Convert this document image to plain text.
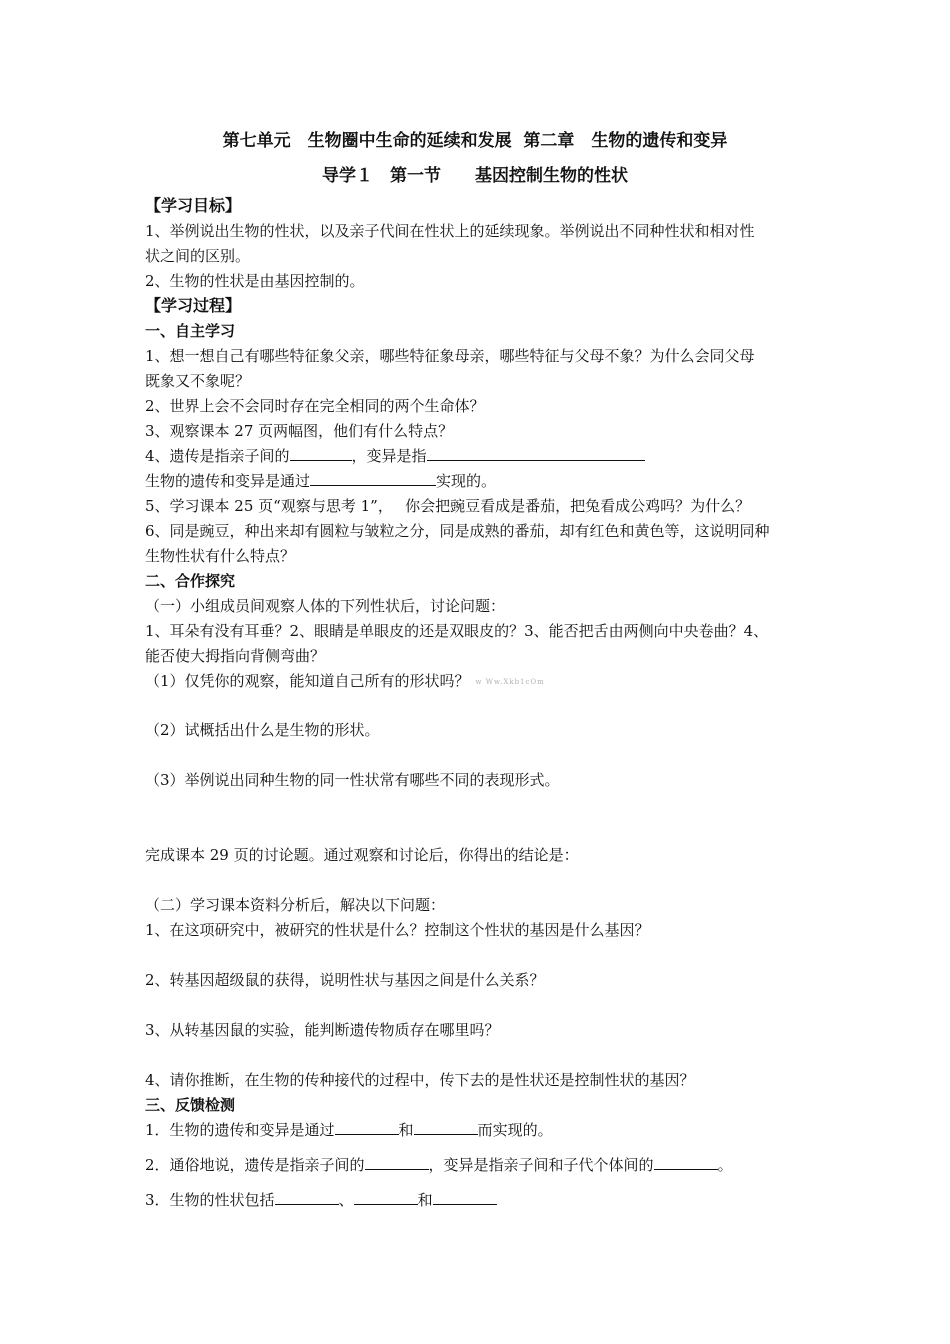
第七单元　生物圈中生命的延续和发展  第二章　生物的遗传和变异
导学１　第一节　　基因控制生物的性状
【学习目标】
1、举例说出生物的性状，以及亲子代间在性状上的延续现象。举例说出不同种性状和相对性
状之间的区别。
2、生物的性状是由基因控制的。
【学习过程】
一、自主学习
1、想一想自己有哪些特征象父亲，哪些特征象母亲，哪些特征与父母不象？为什么会同父母
既象又不象呢？
2、世界上会不会同时存在完全相同的两个生命体？
3、观察课本 27 页两幅图，他们有什么特点？
4、遗传是指亲子间的	，变异是指
生物的遗传和变异是通过	实现的。
5、学习课本 25 页“观察与思考 1”，　 你会把豌豆看成是番茄，把兔看成公鸡吗？为什么？
6、同是豌豆，种出来却有圆粒与皱粒之分，同是成熟的番茄，却有红色和黄色等，这说明同种
生物性状有什么特点？
二、合作探究
（一）小组成员间观察人体的下列性状后，讨论问题：
1、耳朵有没有耳垂？2、眼睛是单眼皮的还是双眼皮的？3、能否把舌由两侧向中央卷曲？4、
能否使大拇指向背侧弯曲？
（1）仅凭你的观察，能知道自己所有的形状吗？ w Ww.Xkb1cOm
（2）试概括出什么是生物的形状。
（3）举例说出同种生物的同一性状常有哪些不同的表现形式。
完成课本 29 页的讨论题。通过观察和讨论后，你得出的结论是：
（二）学习课本资料分析后，解决以下问题：
1、在这项研究中，被研究的性状是什么？控制这个性状的基因是什么基因？
2、转基因超级鼠的获得，说明性状与基因之间是什么关系？
3、从转基因鼠的实验，能判断遗传物质存在哪里吗？
4、请你推断，在生物的传种接代的过程中，传下去的是性状还是控制性状的基因？
三、反馈检测
1．生物的遗传和变异是通过	和	而实现的。
2．通俗地说，遗传是指亲子间的	，变异是指亲子间和子代个体间的	。
3．生物的性状包括	、	和
